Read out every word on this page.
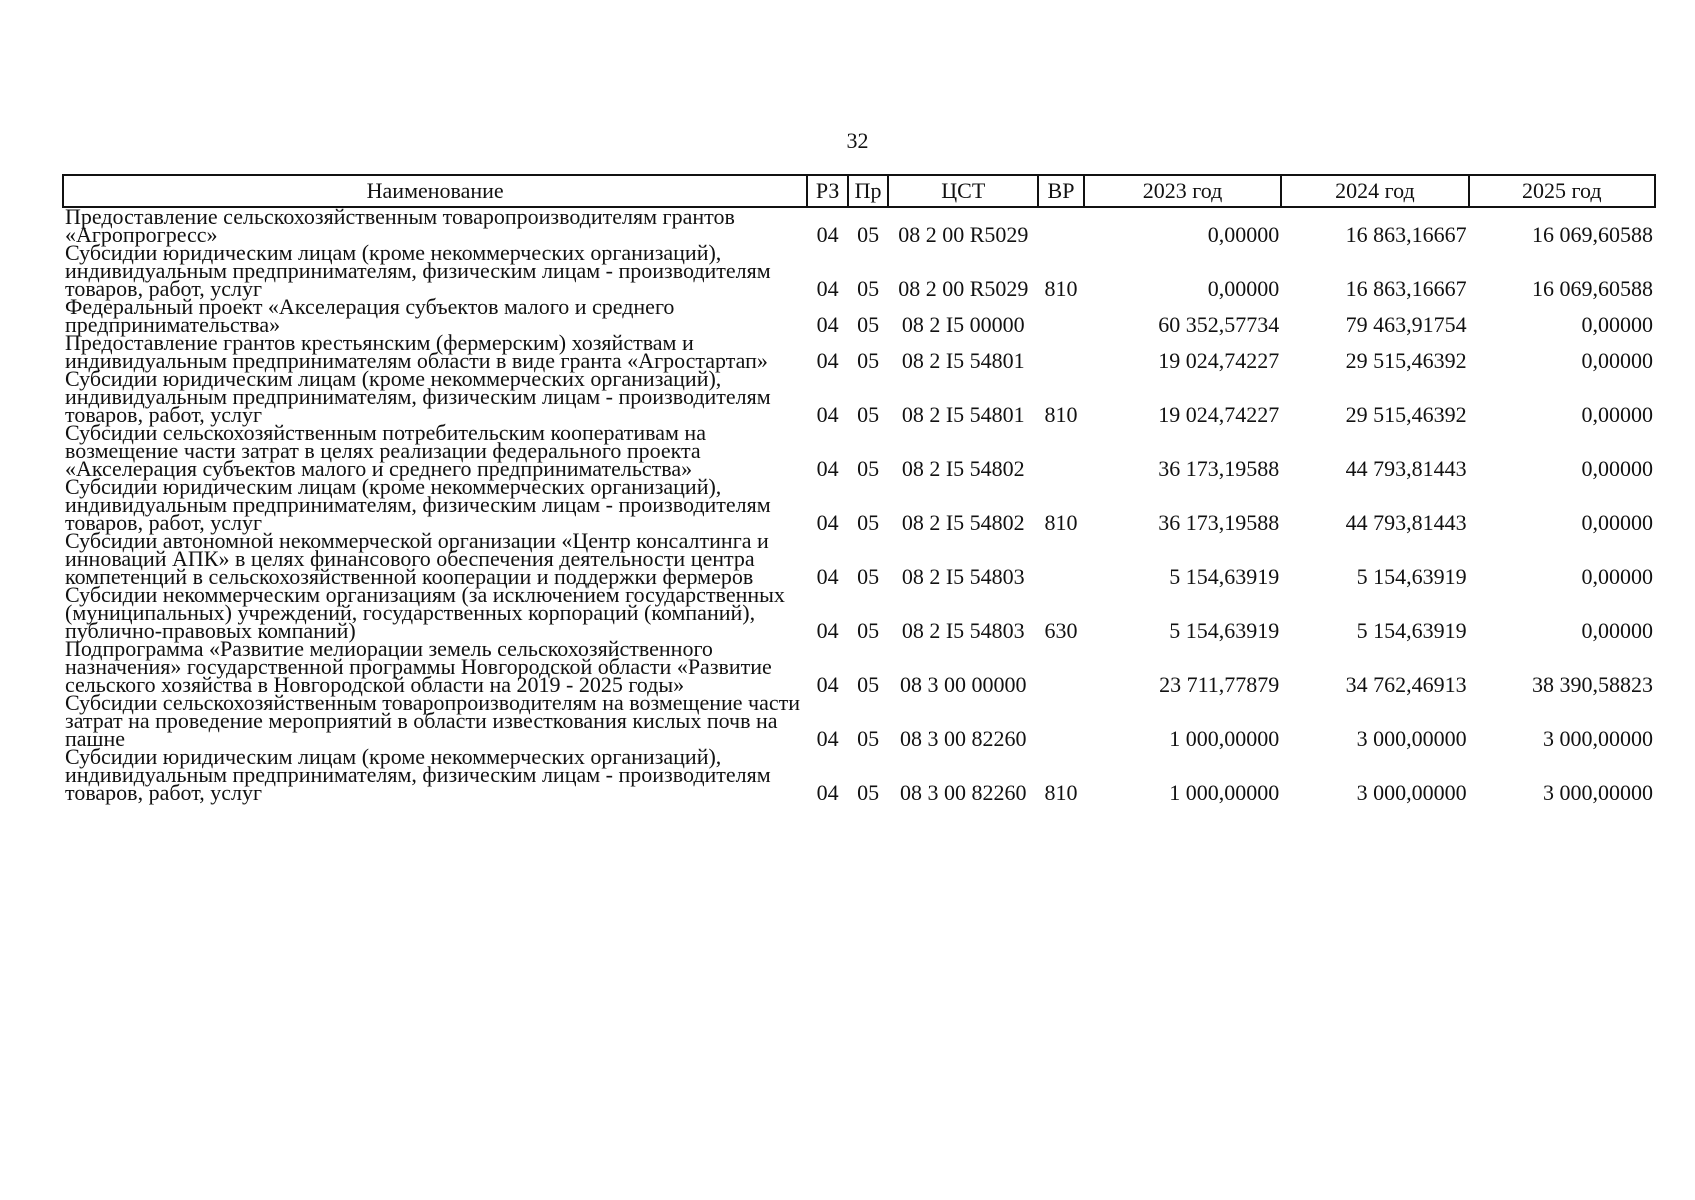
32
Наименование	РЗ	Пр	ЦСТ	ВР	2023 год	2024 год	2025 год
Предоставление сельскохозяйственным товаропроизводителям грантов «Агропрогресс»	04	05	08 2 00 R5029		0,00000	16 863,16667	16 069,60588
Субсидии юридическим лицам (кроме некоммерческих организаций), индивидуальным предпринимателям, физическим лицам - производителям товаров, работ, услуг	04	05	08 2 00 R5029	810	0,00000	16 863,16667	16 069,60588
Федеральный проект «Акселерация субъектов малого и среднего предпринимательства»	04	05	08 2 I5 00000		60 352,57734	79 463,91754	0,00000
Предоставление грантов крестьянским (фермерским) хозяйствам и индивидуальным предпринимателям области в виде гранта «Агростартап»	04	05	08 2 I5 54801		19 024,74227	29 515,46392	0,00000
Субсидии юридическим лицам (кроме некоммерческих организаций), индивидуальным предпринимателям, физическим лицам - производителям товаров, работ, услуг	04	05	08 2 I5 54801	810	19 024,74227	29 515,46392	0,00000
Субсидии сельскохозяйственным потребительским кооперативам на возмещение части затрат в целях реализации федерального проекта «Акселерация субъектов малого и среднего предпринимательства»	04	05	08 2 I5 54802		36 173,19588	44 793,81443	0,00000
Субсидии юридическим лицам (кроме некоммерческих организаций), индивидуальным предпринимателям, физическим лицам - производителям товаров, работ, услуг	04	05	08 2 I5 54802	810	36 173,19588	44 793,81443	0,00000
Субсидии автономной некоммерческой организации «Центр консалтинга и инноваций АПК» в целях финансового обеспечения деятельности центра компетенций в сельскохозяйственной кооперации и поддержки фермеров	04	05	08 2 I5 54803		5 154,63919	5 154,63919	0,00000
Субсидии некоммерческим организациям (за исключением государственных (муниципальных) учреждений, государственных корпораций (компаний), публично-правовых компаний)	04	05	08 2 I5 54803	630	5 154,63919	5 154,63919	0,00000
Подпрограмма «Развитие мелиорации земель сельскохозяйственного назначения» государственной программы Новгородской области «Развитие сельского хозяйства в Новгородской области на 2019 - 2025 годы»	04	05	08 3 00 00000		23 711,77879	34 762,46913	38 390,58823
Субсидии сельскохозяйственным товаропроизводителям на возмещение части затрат на проведение мероприятий в области известкования кислых почв на пашне	04	05	08 3 00 82260		1 000,00000	3 000,00000	3 000,00000
Субсидии юридическим лицам (кроме некоммерческих организаций), индивидуальным предпринимателям, физическим лицам - производителям товаров, работ, услуг	04	05	08 3 00 82260	810	1 000,00000	3 000,00000	3 000,00000
